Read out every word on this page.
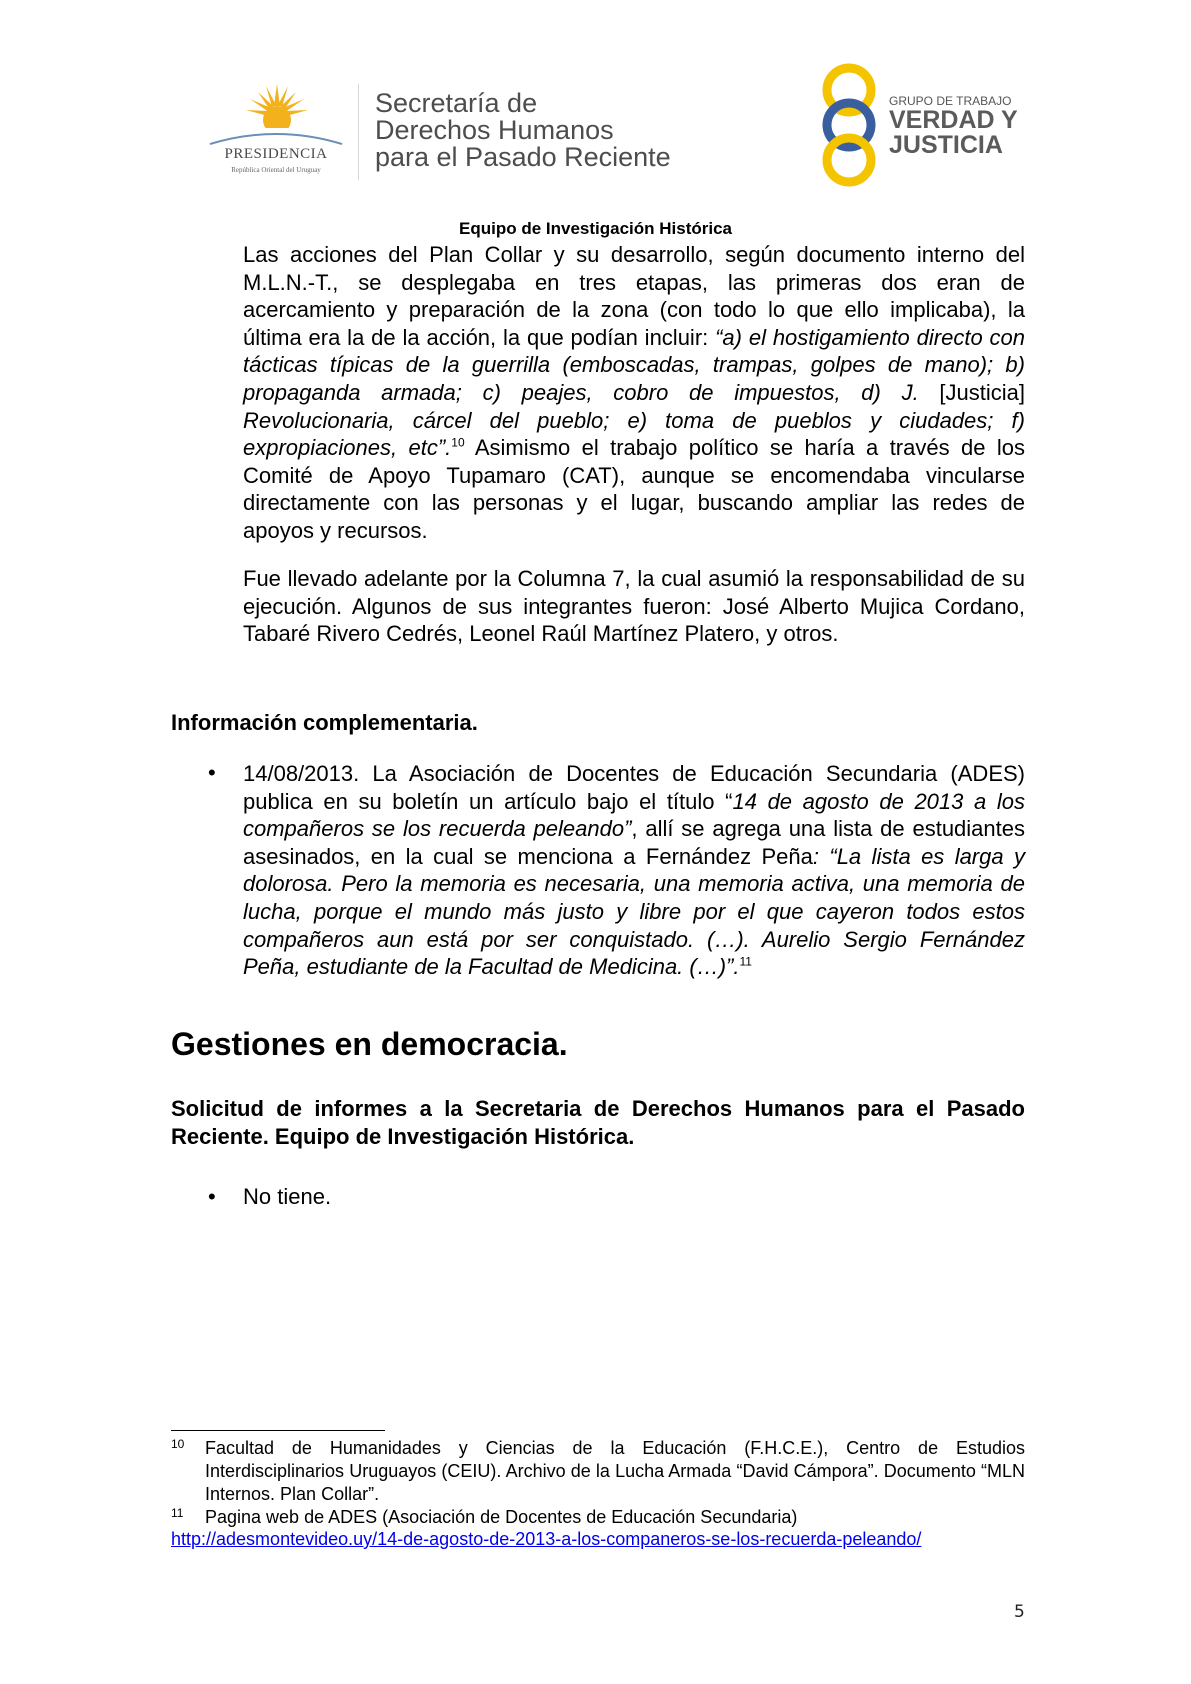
PRESIDENCIA
República Oriental del Uruguay
Secretaría de
Derechos Humanos
para el Pasado Reciente
GRUPO DE TRABAJO
VERDAD Y
JUSTICIA
Equipo de Investigación Histórica
Las acciones del Plan Collar y su desarrollo, según documento interno del M.L.N.-T., se desplegaba en tres etapas, las primeras dos eran de acercamiento y preparación de la zona (con todo lo que ello implicaba), la última era la de la acción, la que podían incluir: “a) el hostigamiento directo con tácticas típicas de la guerrilla (emboscadas, trampas, golpes de mano); b) propaganda armada; c) peajes, cobro de impuestos, d) J. [Justicia] Revolucionaria, cárcel del pueblo; e) toma de pueblos y ciudades; f) expropiaciones, etc”.$^{10}$ Asimismo el trabajo político se haría a través de los Comité de Apoyo Tupamaro (CAT), aunque se encomendaba vincularse directamente con las personas y el lugar, buscando ampliar las redes de apoyos y recursos.
Fue llevado adelante por la Columna 7, la cual asumió la responsabilidad de su ejecución. Algunos de sus integrantes fueron: José Alberto Mujica Cordano, Tabaré Rivero Cedrés, Leonel Raúl Martínez Platero, y otros.
Información complementaria.
• 14/08/2013. La Asociación de Docentes de Educación Secundaria (ADES) publica en su boletín un artículo bajo el título “14 de agosto de 2013 a los compañeros se los recuerda peleando”, allí se agrega una lista de estudiantes asesinados, en la cual se menciona a Fernández Peña: “La lista es larga y dolorosa. Pero la memoria es necesaria, una memoria activa, una memoria de lucha, porque el mundo más justo y libre por el que cayeron todos estos compañeros aun está por ser conquistado. (…). Aurelio Sergio Fernández Peña, estudiante de la Facultad de Medicina. (…)”.$^{11}$
Gestiones en democracia.
Solicitud de informes a la Secretaria de Derechos Humanos para el Pasado Reciente. Equipo de Investigación Histórica.
• No tiene.
10 Facultad de Humanidades y Ciencias de la Educación (F.H.C.E.), Centro de Estudios Interdisciplinarios Uruguayos (CEIU). Archivo de la Lucha Armada “David Cámpora”. Documento “MLN Internos. Plan Collar”.
11 Pagina web de ADES (Asociación de Docentes de Educación Secundaria)
http://adesmontevideo.uy/14-de-agosto-de-2013-a-los-companeros-se-los-recuerda-peleando/
5
